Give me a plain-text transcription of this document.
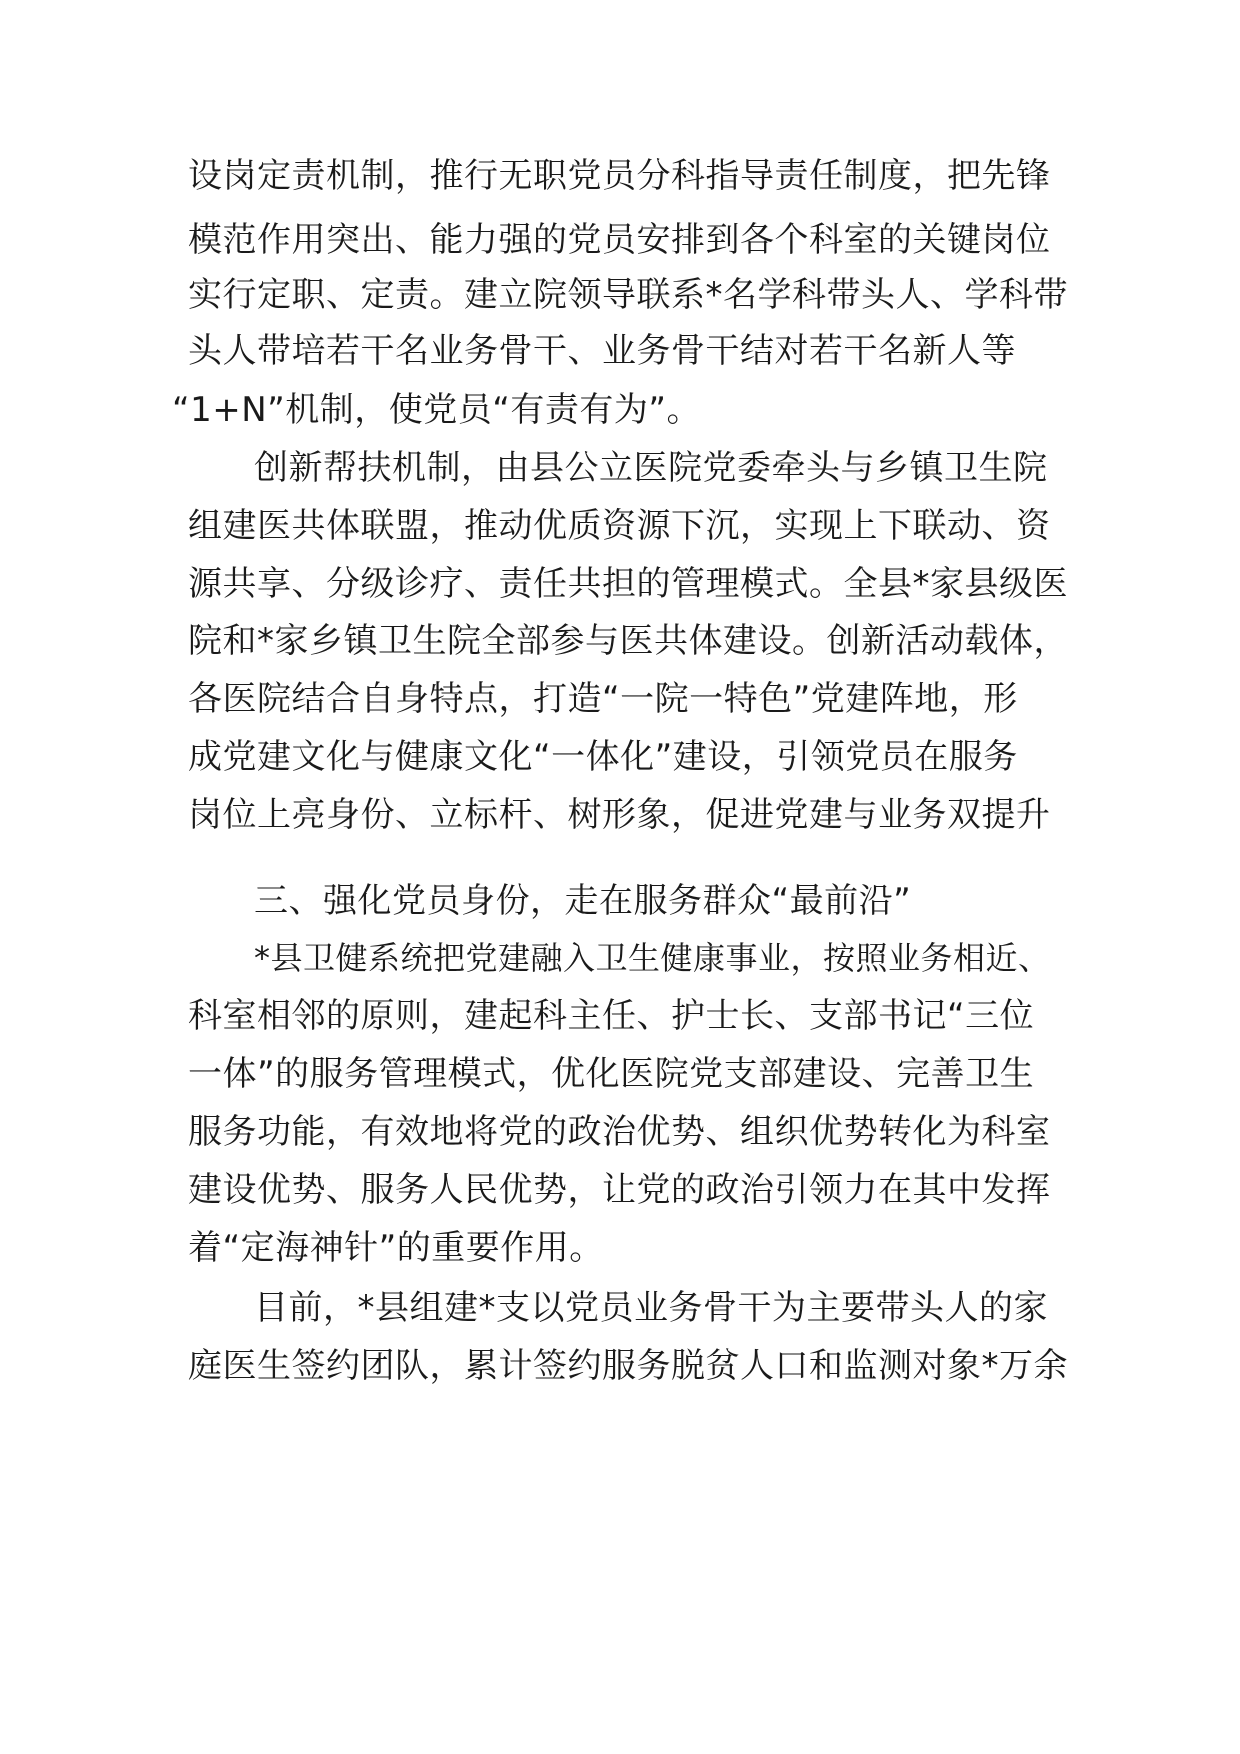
设岗定责机制，推行无职党员分科指导责任制度，把先锋
模范作用突出、能力强的党员安排到各个科室的关键岗位
实行定职、定责。建立院领导联系*名学科带头人、学科带
头人带培若干名业务骨干、业务骨干结对若干名新人等
“1+N”机制，使党员“有责有为”。
创新帮扶机制，由县公立医院党委牵头与乡镇卫生院
组建医共体联盟，推动优质资源下沉，实现上下联动、资
源共享、分级诊疗、责任共担的管理模式。全县*家县级医
院和*家乡镇卫生院全部参与医共体建设。创新活动载体，
各医院结合自身特点，打造“一院一特色”党建阵地，形
成党建文化与健康文化“一体化”建设，引领党员在服务
岗位上亮身份、立标杆、树形象，促进党建与业务双提升
三、强化党员身份，走在服务群众“最前沿”
*县卫健系统把党建融入卫生健康事业，按照业务相近、
科室相邻的原则，建起科主任、护士长、支部书记“三位
一体”的服务管理模式，优化医院党支部建设、完善卫生
服务功能，有效地将党的政治优势、组织优势转化为科室
建设优势、服务人民优势，让党的政治引领力在其中发挥
着“定海神针”的重要作用。
目前，*县组建*支以党员业务骨干为主要带头人的家
庭医生签约团队，累计签约服务脱贫人口和监测对象*万余
